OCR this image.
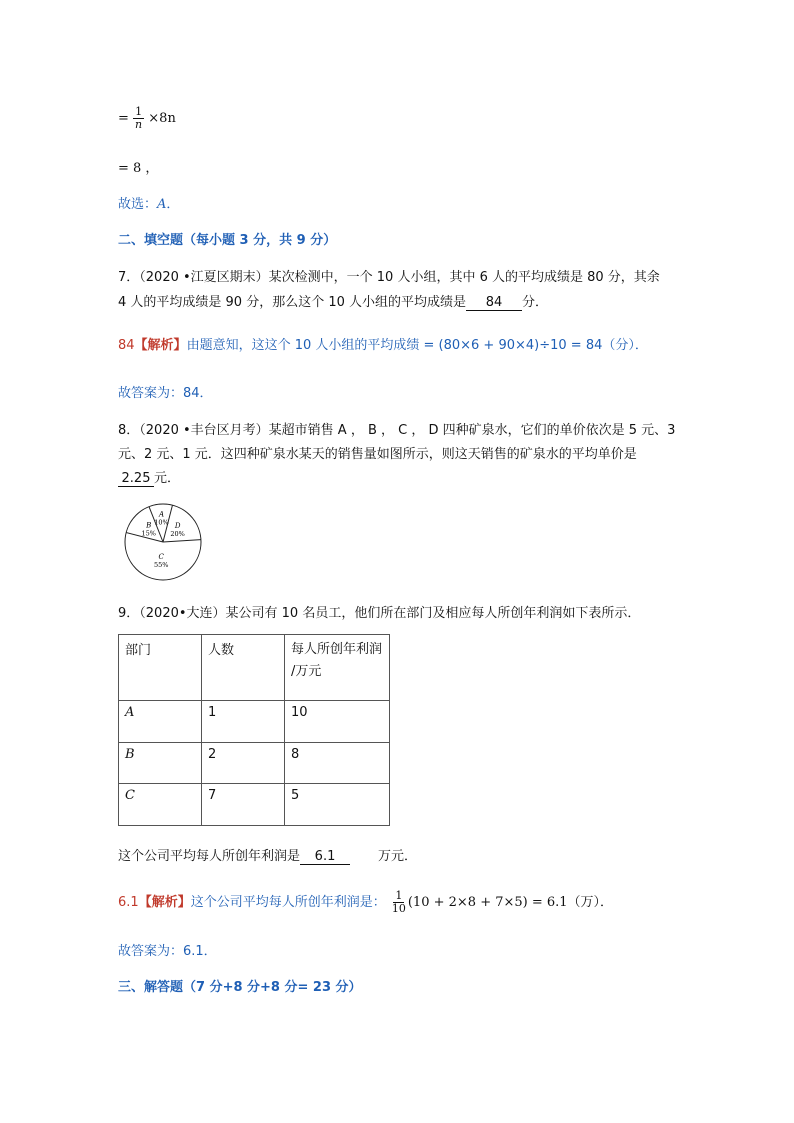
= $\frac{1}{n} \times 8n$
= 8 ，
故选：A．
二、填空题（每小题 3 分，共 9 分）
7．（2020 •江夏区期末）某次检测中，一个 10 人小组，其中 6 人的平均成绩是 80 分，其余
4 人的平均成绩是 90 分，那么这个 10 人小组的平均成绩是 84 分．
84【解析】由题意知，这这个 10 人小组的平均成绩 = (80×6 + 90×4)÷10 = 84（分）．
故答案为：84．
8．（2020 •丰台区月考）某超市销售 A ， B ， C ， D 四种矿泉水，它们的单价依次是 5 元、3
元、2 元、1 元．这四种矿泉水某天的销售量如图所示，则这天销售的矿泉水的平均单价是
2.25 元．
A
10% D
20%
C
55%
B
15%
9．（2020•大连）某公司有 10 名员工，他们所在部门及相应每人所创年利润如下表所示．
部门	人数	每人所创年利润
/万元

A	1	10
B	2	8
C	7	5
这个公司平均每人所创年利润是 6.1	万元．
6.1【解析】这个公司平均每人所创年利润是： $\frac{1}{10} (10 + 2\times 8 + 7\times 5) = 6.1$（万）．
故答案为：6.1．
三、解答题（7 分+8 分+8 分= 23 分）
